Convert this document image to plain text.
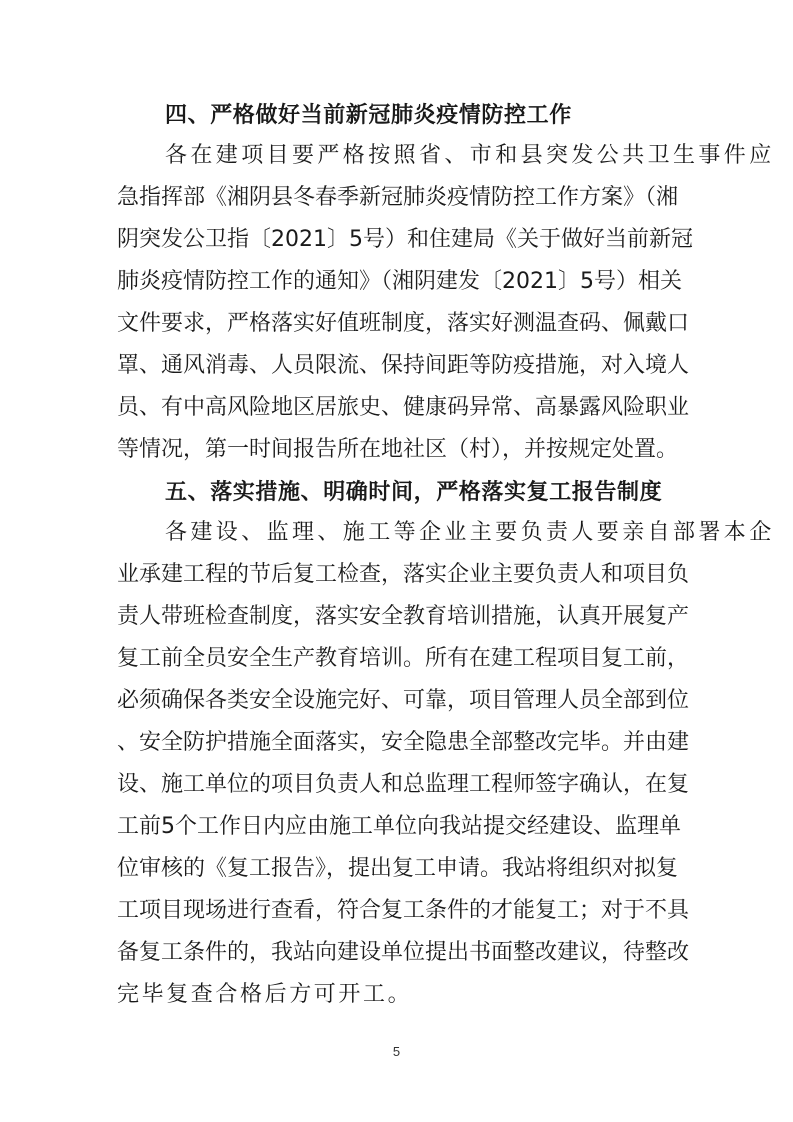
四、严格做好当前新冠肺炎疫情防控工作
各在建项目要严格按照省、市和县突发公共卫生事件应
急指挥部《湘阴县冬春季新冠肺炎疫情防控工作方案》（湘
阴突发公卫指〔2021〕5号）和住建局《关于做好当前新冠
肺炎疫情防控工作的通知》（湘阴建发〔2021〕5号）相关
文件要求，严格落实好值班制度，落实好测温查码、佩戴口
罩、通风消毒、人员限流、保持间距等防疫措施，对入境人
员、有中高风险地区居旅史、健康码异常、高暴露风险职业
等情况，第一时间报告所在地社区（村），并按规定处置。
五、落实措施、明确时间，严格落实复工报告制度
各建设、监理、施工等企业主要负责人要亲自部署本企
业承建工程的节后复工检查，落实企业主要负责人和项目负
责人带班检查制度，落实安全教育培训措施，认真开展复产
复工前全员安全生产教育培训。所有在建工程项目复工前，
必须确保各类安全设施完好、可靠，项目管理人员全部到位
、安全防护措施全面落实，安全隐患全部整改完毕。并由建
设、施工单位的项目负责人和总监理工程师签字确认，在复
工前5个工作日内应由施工单位向我站提交经建设、监理单
位审核的《复工报告》，提出复工申请。我站将组织对拟复
工项目现场进行查看，符合复工条件的才能复工；对于不具
备复工条件的，我站向建设单位提出书面整改建议，待整改
完毕复查合格后方可开工。
5
